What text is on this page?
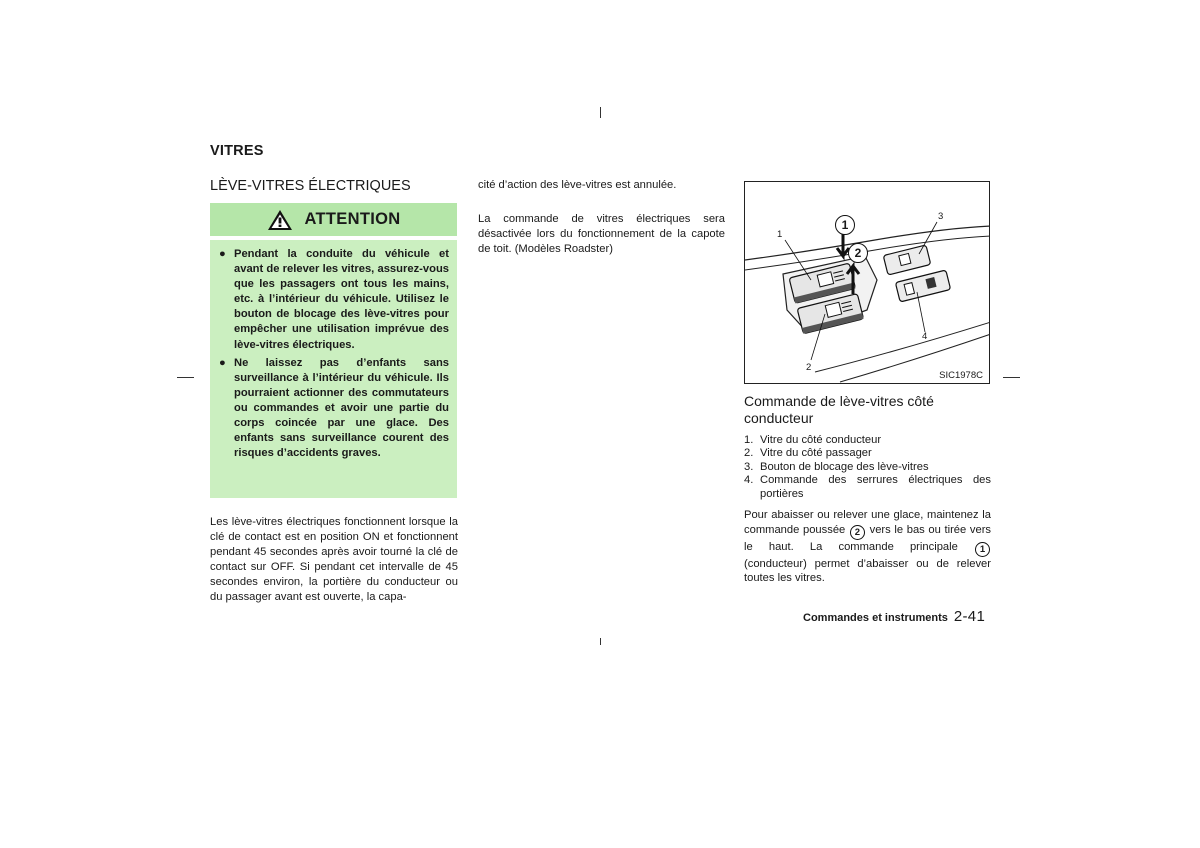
VITRES
LÈVE-VITRES ÉLECTRIQUES
ATTENTION
● Pendant la conduite du véhicule et avant de relever les vitres, assurez-vous que les passagers ont tous les mains, etc. à l’intérieur du véhicule. Utilisez le bouton de blocage des lève-vitres pour empêcher une utilisation imprévue des lève-vitres électriques.
● Ne laissez pas d’enfants sans surveillance à l’intérieur du véhicule. Ils pourraient actionner des commutateurs ou commandes et avoir une partie du corps coincée par une glace. Des enfants sans surveillance courent des risques d’accidents graves.
Les lève-vitres électriques fonctionnent lorsque la clé de contact est en position ON et fonctionnent pendant 45 secondes après avoir tourné la clé de contact sur OFF. Si pendant cet intervalle de 45 secondes environ, la portière du conducteur ou du passager avant est ouverte, la capa-
cité d’action des lève-vitres est annulée.
La commande de vitres électriques sera désactivée lors du fonctionnement de la capote de toit. (Modèles Roadster)
1
2
1
2
3
4
SIC1978C
Commande de lève-vitres côté conducteur
1. Vitre du côté conducteur
2. Vitre du côté passager
3. Bouton de blocage des lève-vitres
4. Commande des serrures électriques des portières
Pour abaisser ou relever une glace, maintenez la commande poussée 2 vers le bas ou tirée vers le haut. La commande principale 1 (conducteur) permet d’abaisser ou de relever toutes les vitres.
Commandes et instruments 2-41
